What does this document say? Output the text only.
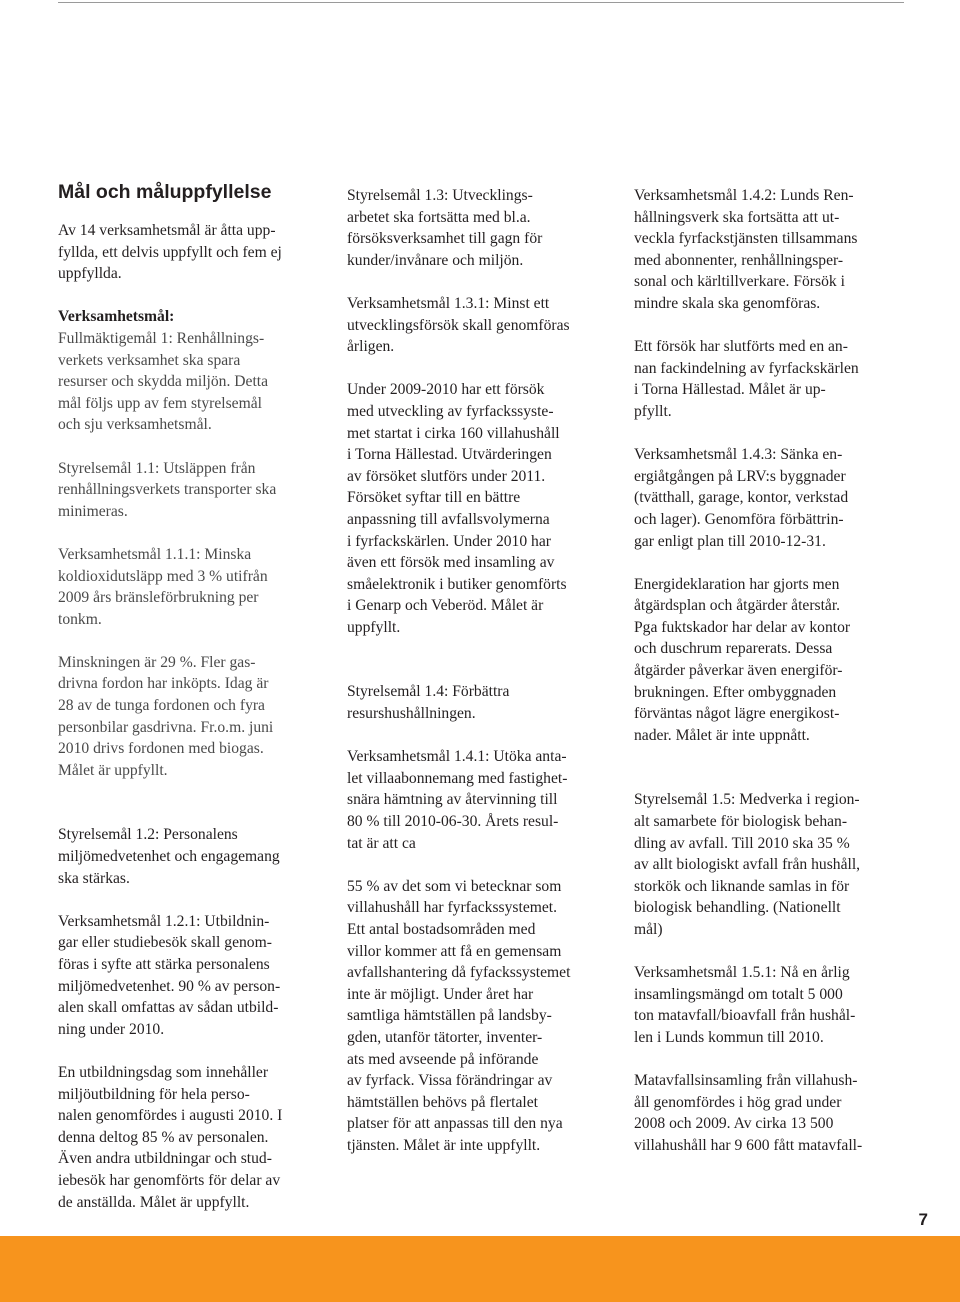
Mål och måluppfyllelse

Av 14 verksamhetsmål är åtta upp-
fyllda, ett delvis uppfyllt och fem ej
uppfyllda.

Verksamhetsmål:
Fullmäktigemål 1: Renhållnings-
verkets verksamhet ska spara
resurser och skydda miljön. Detta
mål följs upp av fem styrelsemål
och sju verksamhetsmål.

Styrelsemål 1.1: Utsläppen från
renhållningsverkets transporter ska
minimeras.

Verksamhetsmål 1.1.1: Minska
koldioxidutsläpp med 3 % utifrån
2009 års bränsleförbrukning per
tonkm.

Minskningen är 29 %. Fler gas-
drivna fordon har inköpts. Idag är
28 av de tunga fordonen och fyra
personbilar gasdrivna. Fr.o.m. juni
2010 drivs fordonen med biogas.
Målet är uppfyllt.

Styrelsemål 1.2: Personalens
miljömedvetenhet och engagemang
ska stärkas.

Verksamhetsmål 1.2.1: Utbildnin-
gar eller studiebesök skall genom-
föras i syfte att stärka personalens
miljömedvetenhet. 90 % av person-
alen skall omfattas av sådan utbild-
ning under 2010.

En utbildningsdag som innehåller
miljöutbildning för hela perso-
nalen genomfördes i augusti 2010. I
denna deltog 85 % av personalen.
Även andra utbildningar och stud-
iebesök har genomförts för delar av
de anställda. Målet är uppfyllt.

Styrelsemål 1.3: Utvecklings-
arbetet ska fortsätta med bl.a.
försöksverksamhet till gagn för
kunder/invånare och miljön.

Verksamhetsmål 1.3.1: Minst ett
utvecklingsförsök skall genomföras
årligen.

Under 2009-2010 har ett försök
med utveckling av fyrfackssyste-
met startat i cirka 160 villahushåll
i Torna Hällestad. Utvärderingen
av försöket slutförs under 2011.
Försöket syftar till en bättre
anpassning till avfallsvolymerna
i fyrfackskärlen. Under 2010 har
även ett försök med insamling av
småelektronik i butiker genomförts
i Genarp och Veberöd. Målet är
uppfyllt.

Styrelsemål 1.4: Förbättra
resurshushållningen.

Verksamhetsmål 1.4.1: Utöka anta-
let villaabonnemang med fastighet-
snära hämtning av återvinning till
80 % till 2010-06-30. Årets resul-
tat är att ca

55 % av det som vi betecknar som
villahushåll har fyrfackssystemet.
Ett antal bostadsområden med
villor kommer att få en gemensam
avfallshantering då fyfackssystemet
inte är möjligt. Under året har
samtliga hämtställen på landsby-
gden, utanför tätorter, inventer-
ats med avseende på införande
av fyrfack. Vissa förändringar av
hämtställen behövs på flertalet
platser för att anpassas till den nya
tjänsten. Målet är inte uppfyllt.

Verksamhetsmål 1.4.2: Lunds Ren-
hållningsverk ska fortsätta att ut-
veckla fyrfackstjänsten tillsammans
med abonnenter, renhållningsper-
sonal och kärltillverkare. Försök i
mindre skala ska genomföras.

Ett försök har slutförts med en an-
nan fackindelning av fyrfackskärlen
i Torna Hällestad. Målet är up-
pfyllt.

Verksamhetsmål 1.4.3: Sänka en-
ergiåtgången på LRV:s byggnader
(tvätthall, garage, kontor, verkstad
och lager). Genomföra förbättrin-
gar enligt plan till 2010-12-31.

Energideklaration har gjorts men
åtgärdsplan och åtgärder återstår.
Pga fuktskador har delar av kontor
och duschrum reparerats. Dessa
åtgärder påverkar även energiför-
brukningen. Efter ombyggnaden
förväntas något lägre energikost-
nader. Målet är inte uppnått.

Styrelsemål 1.5: Medverka i region-
alt samarbete för biologisk behan-
dling av avfall. Till 2010 ska 35 %
av allt biologiskt avfall från hushåll,
storkök och liknande samlas in för
biologisk behandling. (Nationellt
mål)

Verksamhetsmål 1.5.1: Nå en årlig
insamlingsmängd om totalt 5 000
ton matavfall/bioavfall från hushål-
len i Lunds kommun till 2010.

Matavfallsinsamling från villahush-
åll genomfördes i hög grad under
2008 och 2009. Av cirka 13 500
villahushåll har 9 600 fått matavfall-

7
